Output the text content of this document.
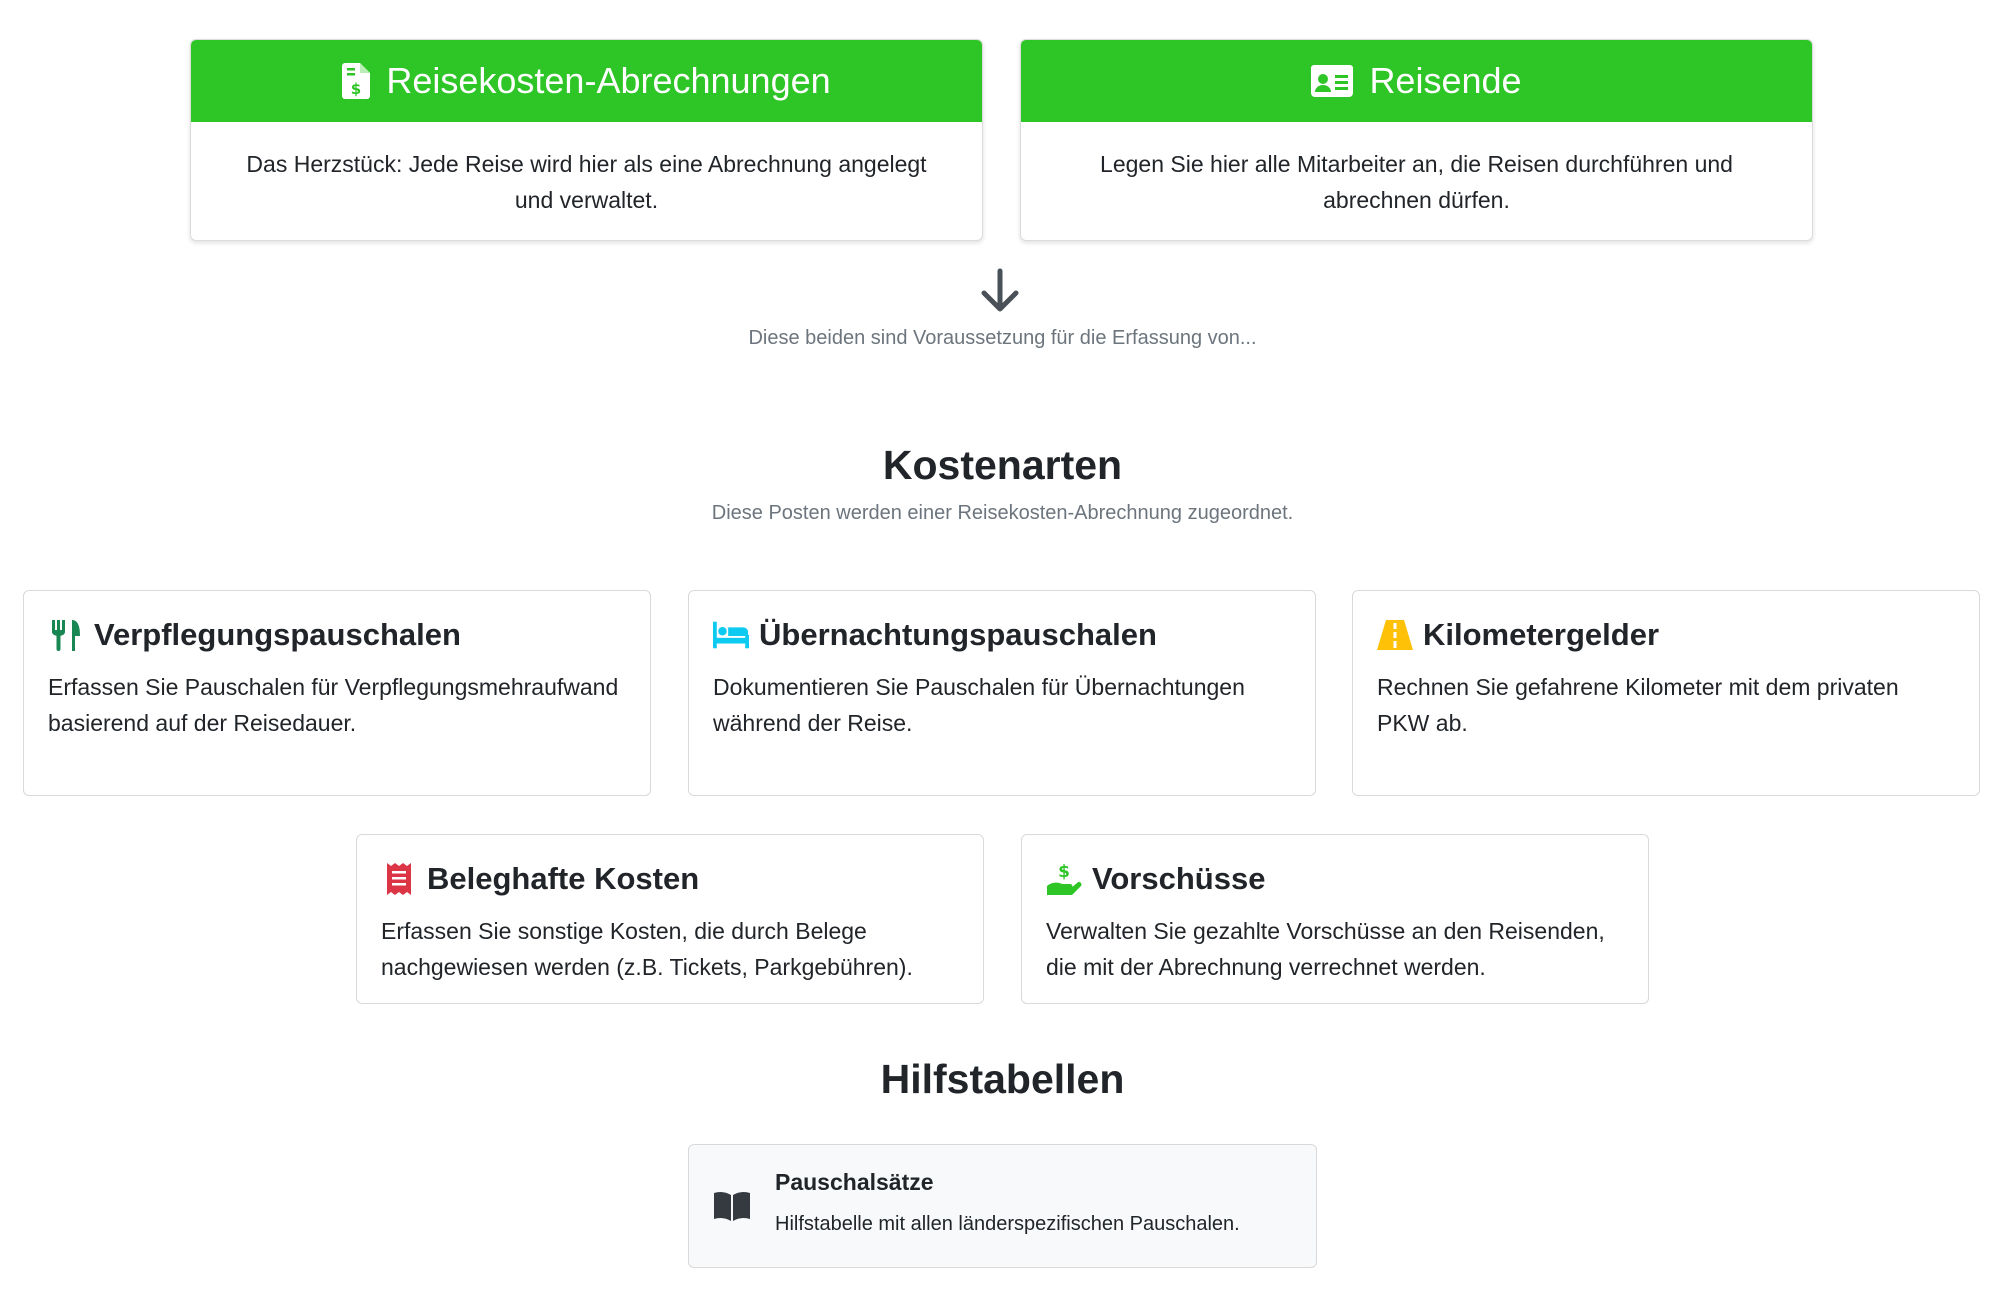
$ Reisekosten-Abrechnungen
Das Herzstück: Jede Reise wird hier als eine Abrechnung angelegt und verwaltet.
Reisende
Legen Sie hier alle Mitarbeiter an, die Reisen durchführen und abrechnen dürfen.
Diese beiden sind Voraussetzung für die Erfassung von...
Kostenarten
Diese Posten werden einer Reisekosten-Abrechnung zugeordnet.
Verpflegungspauschalen
Erfassen Sie Pauschalen für Verpflegungsmehraufwand basierend auf der Reisedauer.
Übernachtungspauschalen
Dokumentieren Sie Pauschalen für Übernachtungen während der Reise.
Kilometergelder
Rechnen Sie gefahrene Kilometer mit dem privaten PKW ab.
Beleghafte Kosten
Erfassen Sie sonstige Kosten, die durch Belege nachgewiesen werden (z.B. Tickets, Parkgebühren).
$ Vorschüsse
Verwalten Sie gezahlte Vorschüsse an den Reisenden, die mit der Abrechnung verrechnet werden.
Hilfstabellen
Pauschalsätze
Hilfstabelle mit allen länderspezifischen Pauschalen.
